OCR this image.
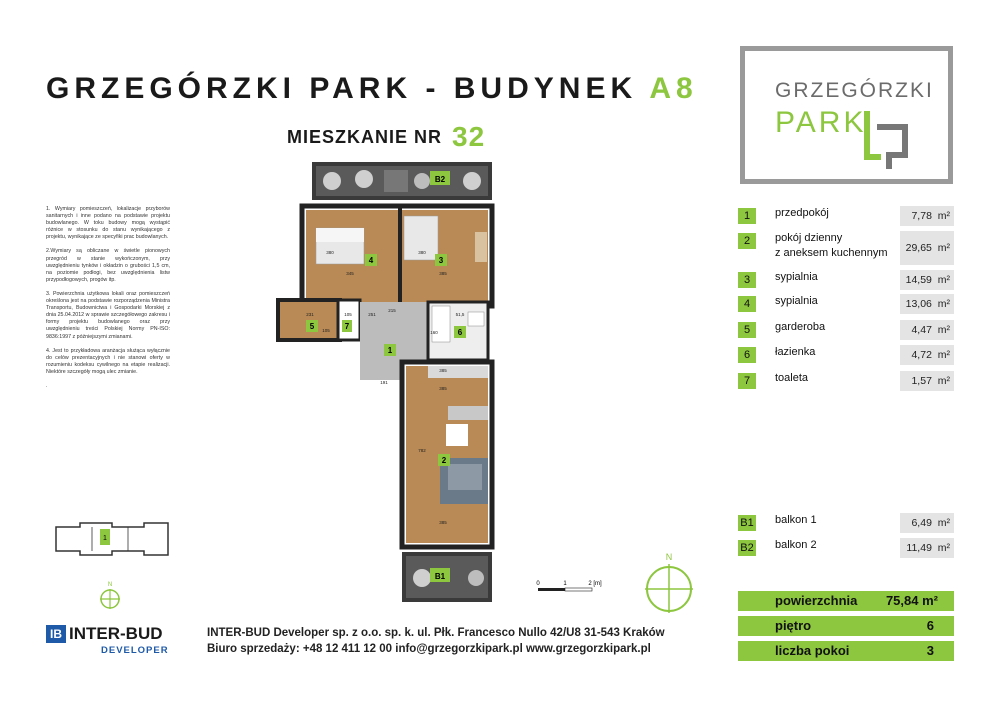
GRZEGÓRZKI PARK - BUDYNEK A8
MIESZKANIE NR 32
GRZEGÓRZKI
PARK

1. Wymiary pomieszczeń, lokalizacje przyborów sanitarnych i inne podano na podstawie projektu budowlanego. W toku budowy mogą wystąpić różnice w stosunku do stanu wynikającego z projektu, wynikające ze specyfiki prac budowlanych.

2.Wymiary są obliczane w świetle pionowych przegród w stanie wykończonym, przy uwzględnieniu tynków i okładzin o grubości 1,5 cm, na poziomie podłogi, bez uwzględnienia listw przypodłogowych, progów itp.

3. Powierzchnia użytkowa lokali oraz pomieszczeń określona jest na podstawie rozporządzenia Ministra Transportu, Budownictwa i Gospodarki Morskiej z dnia 25.04.2012 w sprawie szczegółowego zakresu i formy projektu budowlanego oraz przy uwzględnieniu treści Polskiej Normy PN-ISO: 9836:1997 z późniejszymi zmianami.

4. Jest to przykładowa aranżacja służąca wyłącznie do celów prezentacyjnych i nie stanowi oferty w rozumieniu kodeksu cywilnego na etapie realizacji. Niektóre szczegóły mogą ulec zmianie.

.

1	przedpokój	7,78 m²
2	pokój dzienny
z aneksem kuchennym	29,65 m²
3	sypialnia	14,59 m²
4	sypialnia	13,06 m²
5	garderoba	4,47 m²
6	łazienka	4,72 m²
7	toaleta	1,57 m²
B1 balkon 1	6,49 m²
B2 balkon 2	11,49 m²
powierzchnia 75,84 m²
piętro	6
liczba pokoi	3
B2
B1
4	3
5	7
1
6
2
345	385
385
380
231
105
251
105
191
385
380
782
160
51,5
215
385
1
N	0	1	2 [m]
N
IB INTER-BUD
DEVELOPER
INTER-BUD Developer sp. z o.o. sp. k. ul. Płk. Francesco Nullo 42/U8 31-543 Kraków
Biuro sprzedaży: +48 12 411 12 00 info@grzegorzkipark.pl www.grzegorzkipark.pl
